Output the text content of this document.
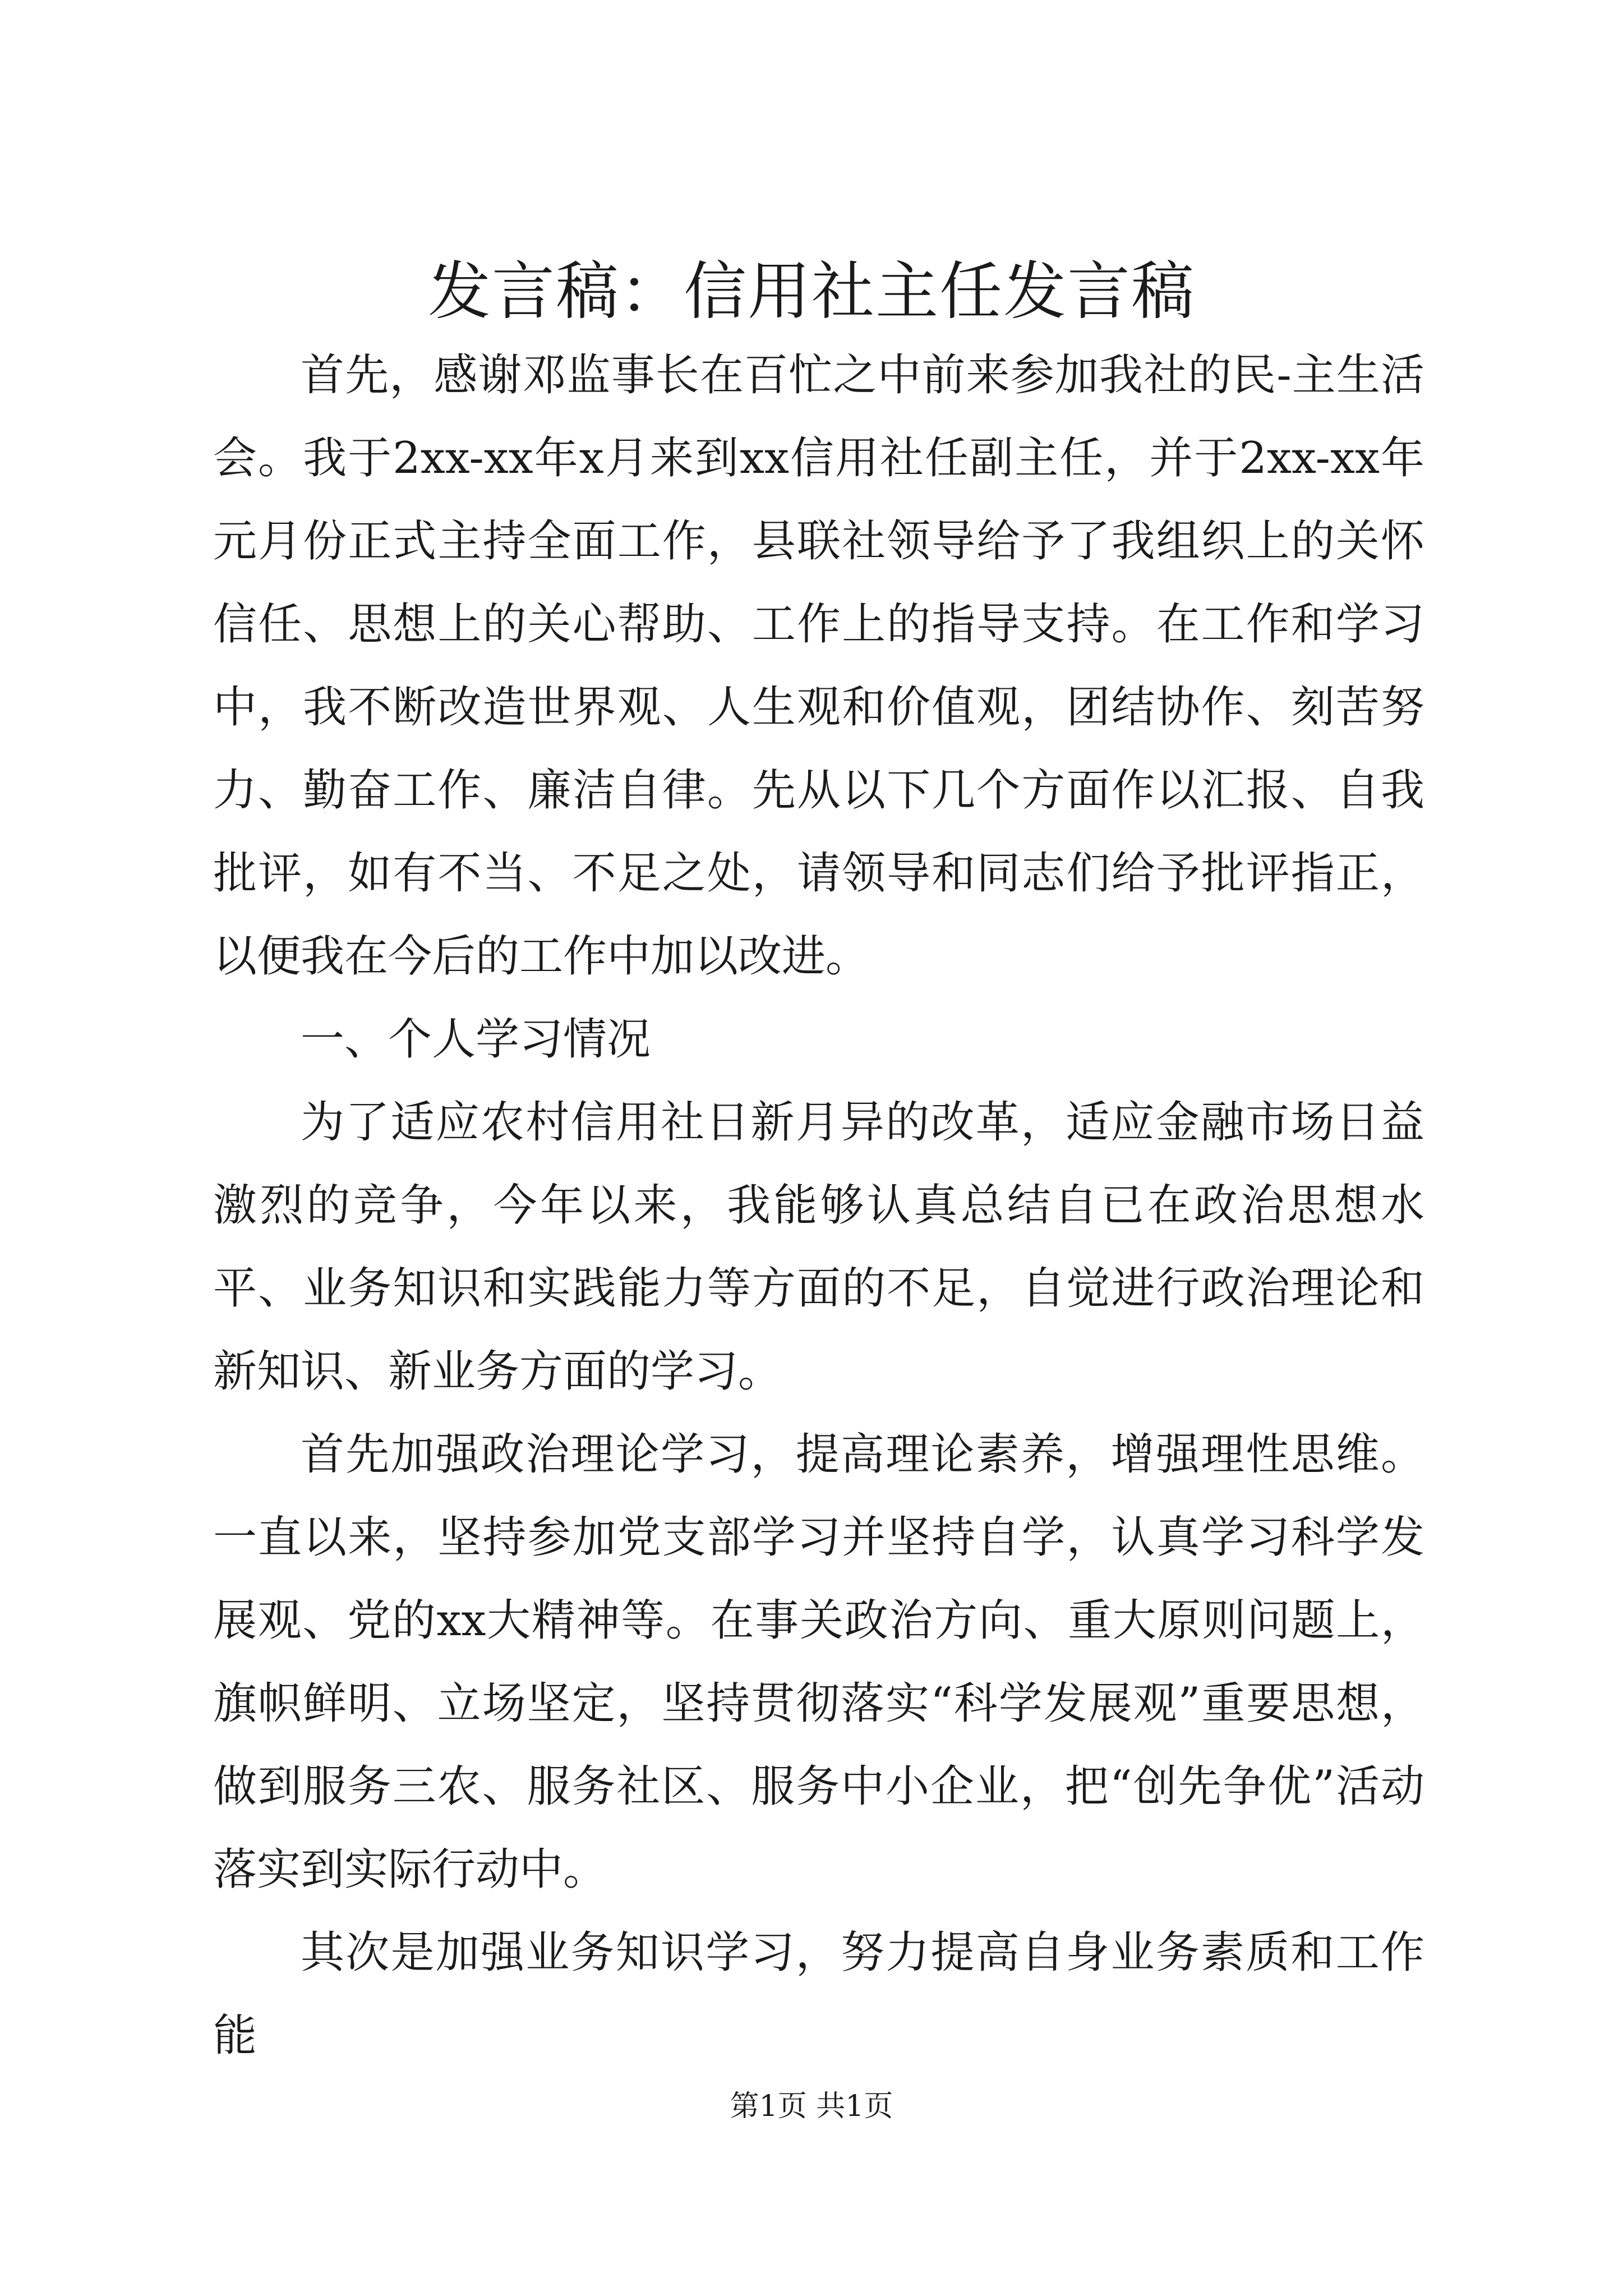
发言稿：信用社主任发言稿

首先，感谢邓监事长在百忙之中前来参加我社的民-主生活会。我于2xx-xx年x月来到xx信用社任副主任，并于2xx-xx年元月份正式主持全面工作，县联社领导给予了我组织上的关怀信任、思想上的关心帮助、工作上的指导支持。在工作和学习中，我不断改造世界观、人生观和价值观，团结协作、刻苦努力、勤奋工作、廉洁自律。先从以下几个方面作以汇报、自我批评，如有不当、不足之处，请领导和同志们给予批评指正，以便我在今后的工作中加以改进。

一、个人学习情况

为了适应农村信用社日新月异的改革，适应金融市场日益激烈的竞争，今年以来，我能够认真总结自已在政治思想水平、业务知识和实践能力等方面的不足，自觉进行政治理论和新知识、新业务方面的学习。

首先加强政治理论学习，提高理论素养，增强理性思维。一直以来，坚持参加党支部学习并坚持自学，认真学习科学发展观、党的xx大精神等。在事关政治方向、重大原则问题上，旗帜鲜明、立场坚定，坚持贯彻落实“科学发展观”重要思想，做到服务三农、服务社区、服务中小企业，把“创先争优”活动落实到实际行动中。

其次是加强业务知识学习，努力提高自身业务素质和工作能

第1页 共1页
